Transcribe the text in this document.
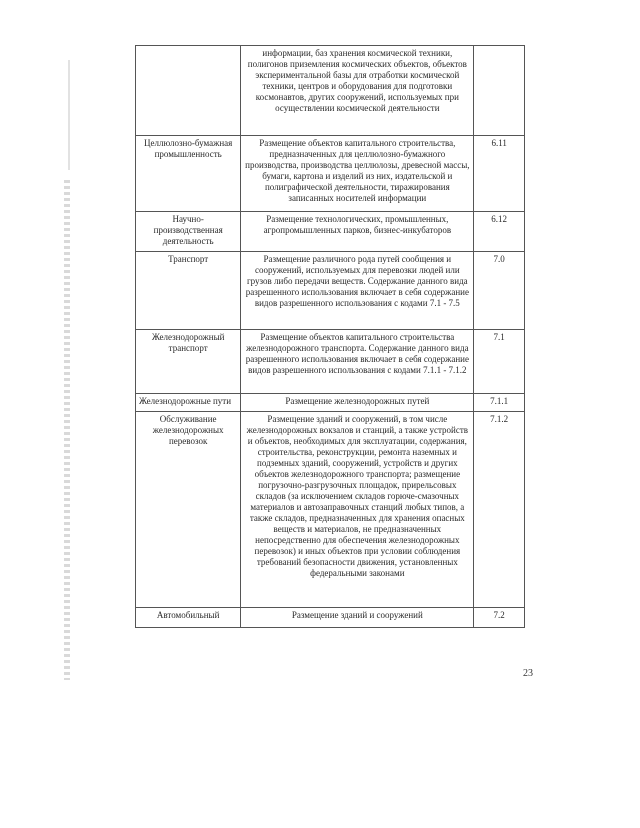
	информации, баз хранения космической техники, полигонов приземления космических объектов, объектов экспериментальной базы для отработки космической техники, центров и оборудования для подготовки космонавтов, других сооружений, используемых при осуществлении космической деятельности	
Целлюлозно-бумажная промышленность	Размещение объектов капитального строительства, предназначенных для целлюлозно-бумажного производства, производства целлюлозы, древесной массы, бумаги, картона и изделий из них, издательской и полиграфической деятельности, тиражирования записанных носителей информации	6.11
Научно-производственная деятельность	Размещение технологических, промышленных, агропромышленных парков, бизнес-инкубаторов	6.12
Транспорт	Размещение различного рода путей сообщения и сооружений, используемых для перевозки людей или грузов либо передачи веществ. Содержание данного вида разрешенного использования включает в себя содержание видов разрешенного использования с кодами 7.1 - 7.5	7.0
Железнодорожный транспорт	Размещение объектов капитального строительства железнодорожного транспорта. Содержание данного вида разрешенного использования включает в себя содержание видов разрешенного использования с кодами 7.1.1 - 7.1.2	7.1
Железнодорожные пути	Размещение железнодорожных путей	7.1.1
Обслуживание железнодорожных перевозок	Размещение зданий и сооружений, в том числе железнодорожных вокзалов и станций, а также устройств и объектов, необходимых для эксплуатации, содержания, строительства, реконструкции, ремонта наземных и подземных зданий, сооружений, устройств и других объектов железнодорожного транспорта; размещение погрузочно-разгрузочных площадок, прирельсовых складов (за исключением складов горюче-смазочных материалов и автозаправочных станций любых типов, а также складов, предназначенных для хранения опасных веществ и материалов, не предназначенных непосредственно для обеспечения железнодорожных перевозок) и иных объектов при условии соблюдения требований безопасности движения, установленных федеральными законами	7.1.2
Автомобильный	Размещение зданий и сооружений	7.2
23
